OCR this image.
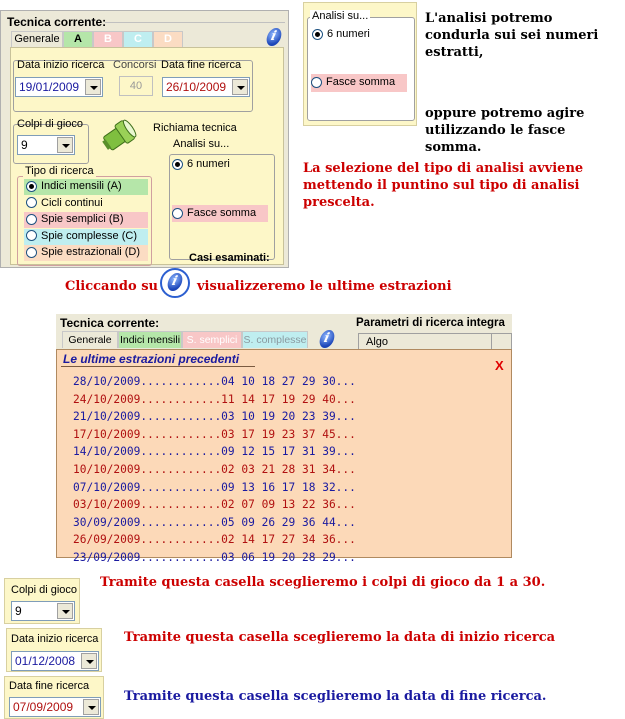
Tecnica corrente:
i
Generale	A	B	C	D
Data inizio ricerca
19/01/2009
Concorsi
40
Data fine ricerca
26/10/2009
Colpi di gioco
9
Richiama tecnica
Tipo di ricerca
Indici mensili (A)
Cicli continui
Spie semplici (B)
Spie complesse (C)
Spie estrazionali (D)
Analisi su...
6 numeri
Fasce somma
Casi esaminati:
Analisi su...
6 numeri
Fasce somma
L'analisi potremo condurla sui sei numeri estratti,
oppure potremo agire utilizzando le fasce somma.
La selezione del tipo di analisi avviene mettendo il puntino sul tipo di analisi prescelta.
Cliccando su
i	visualizzeremo le ultime estrazioni
Tecnica corrente:
Generale Indici mensili S. semplici S. complesse
i
Parametri di ricerca integra
Algo
Le ultime estrazioni precedenti	X
28/10/2009............04 10 18 27 29 30...
24/10/2009............11 14 17 19 29 40...
21/10/2009............03 10 19 20 23 39...
17/10/2009............03 17 19 23 37 45...
14/10/2009............09 12 15 17 31 39...
10/10/2009............02 03 21 28 31 34...
07/10/2009............09 13 16 17 18 32...
03/10/2009............02 07 09 13 22 36...
30/09/2009............05 09 26 29 36 44...
26/09/2009............02 14 17 27 34 36...
23/09/2009............03 06 19 20 28 29...
Colpi di gioco
9
Tramite questa casella sceglieremo i colpi di gioco da 1 a 30.
Data inizio ricerca
01/12/2008
Tramite questa casella sceglieremo la data di inizio ricerca
Data fine ricerca
07/09/2009
Tramite questa casella sceglieremo la data di fine ricerca.
